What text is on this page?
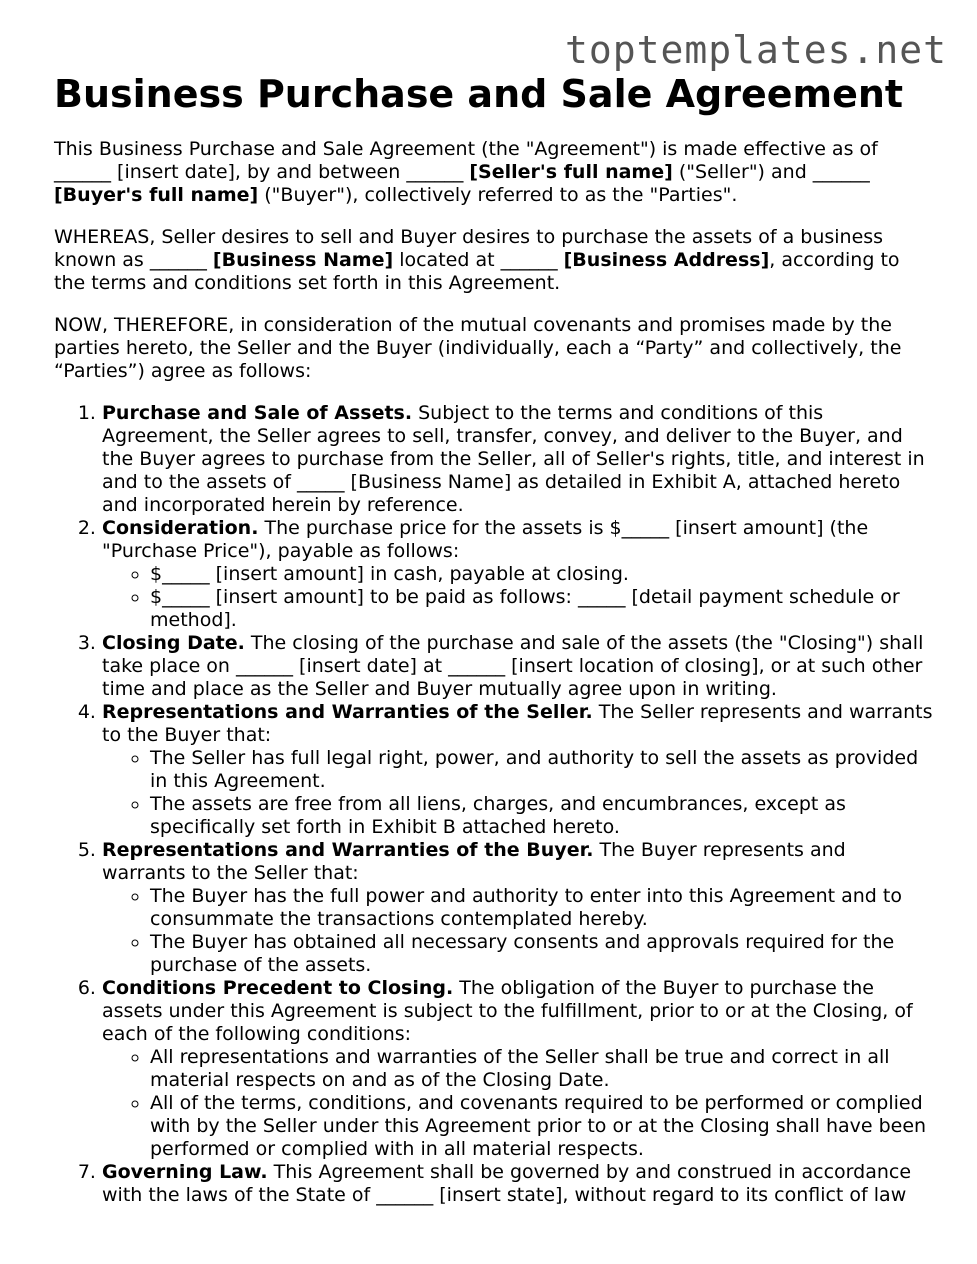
toptemplates.net
Business Purchase and Sale Agreement

This Business Purchase and Sale Agreement (the "Agreement") is made effective as of ______ [insert date], by and between ______ [Seller's full name] ("Seller") and ______ [Buyer's full name] ("Buyer"), collectively referred to as the "Parties".

WHEREAS, Seller desires to sell and Buyer desires to purchase the assets of a business known as ______ [Business Name] located at ______ [Business Address], according to the terms and conditions set forth in this Agreement.

NOW, THEREFORE, in consideration of the mutual covenants and promises made by the parties hereto, the Seller and the Buyer (individually, each a “Party” and collectively, the “Parties”) agree as follows:

1. Purchase and Sale of Assets. Subject to the terms and conditions of this Agreement, the Seller agrees to sell, transfer, convey, and deliver to the Buyer, and the Buyer agrees to purchase from the Seller, all of Seller's rights, title, and interest in and to the assets of _____ [Business Name] as detailed in Exhibit A, attached hereto and incorporated herein by reference.
2. Consideration. The purchase price for the assets is $_____ [insert amount] (the "Purchase Price"), payable as follows:
◦ $_____ [insert amount] in cash, payable at closing.
◦ $_____ [insert amount] to be paid as follows: _____ [detail payment schedule or method].
3. Closing Date. The closing of the purchase and sale of the assets (the "Closing") shall take place on ______ [insert date] at ______ [insert location of closing], or at such other time and place as the Seller and Buyer mutually agree upon in writing.
4. Representations and Warranties of the Seller. The Seller represents and warrants to the Buyer that:
◦ The Seller has full legal right, power, and authority to sell the assets as provided in this Agreement.
◦ The assets are free from all liens, charges, and encumbrances, except as specifically set forth in Exhibit B attached hereto.
5. Representations and Warranties of the Buyer. The Buyer represents and warrants to the Seller that:
◦ The Buyer has the full power and authority to enter into this Agreement and to consummate the transactions contemplated hereby.
◦ The Buyer has obtained all necessary consents and approvals required for the purchase of the assets.
6. Conditions Precedent to Closing. The obligation of the Buyer to purchase the assets under this Agreement is subject to the fulfillment, prior to or at the Closing, of each of the following conditions:
◦ All representations and warranties of the Seller shall be true and correct in all material respects on and as of the Closing Date.
◦ All of the terms, conditions, and covenants required to be performed or complied with by the Seller under this Agreement prior to or at the Closing shall have been performed or complied with in all material respects.
7. Governing Law. This Agreement shall be governed by and construed in accordance with the laws of the State of ______ [insert state], without regard to its conflict of law
